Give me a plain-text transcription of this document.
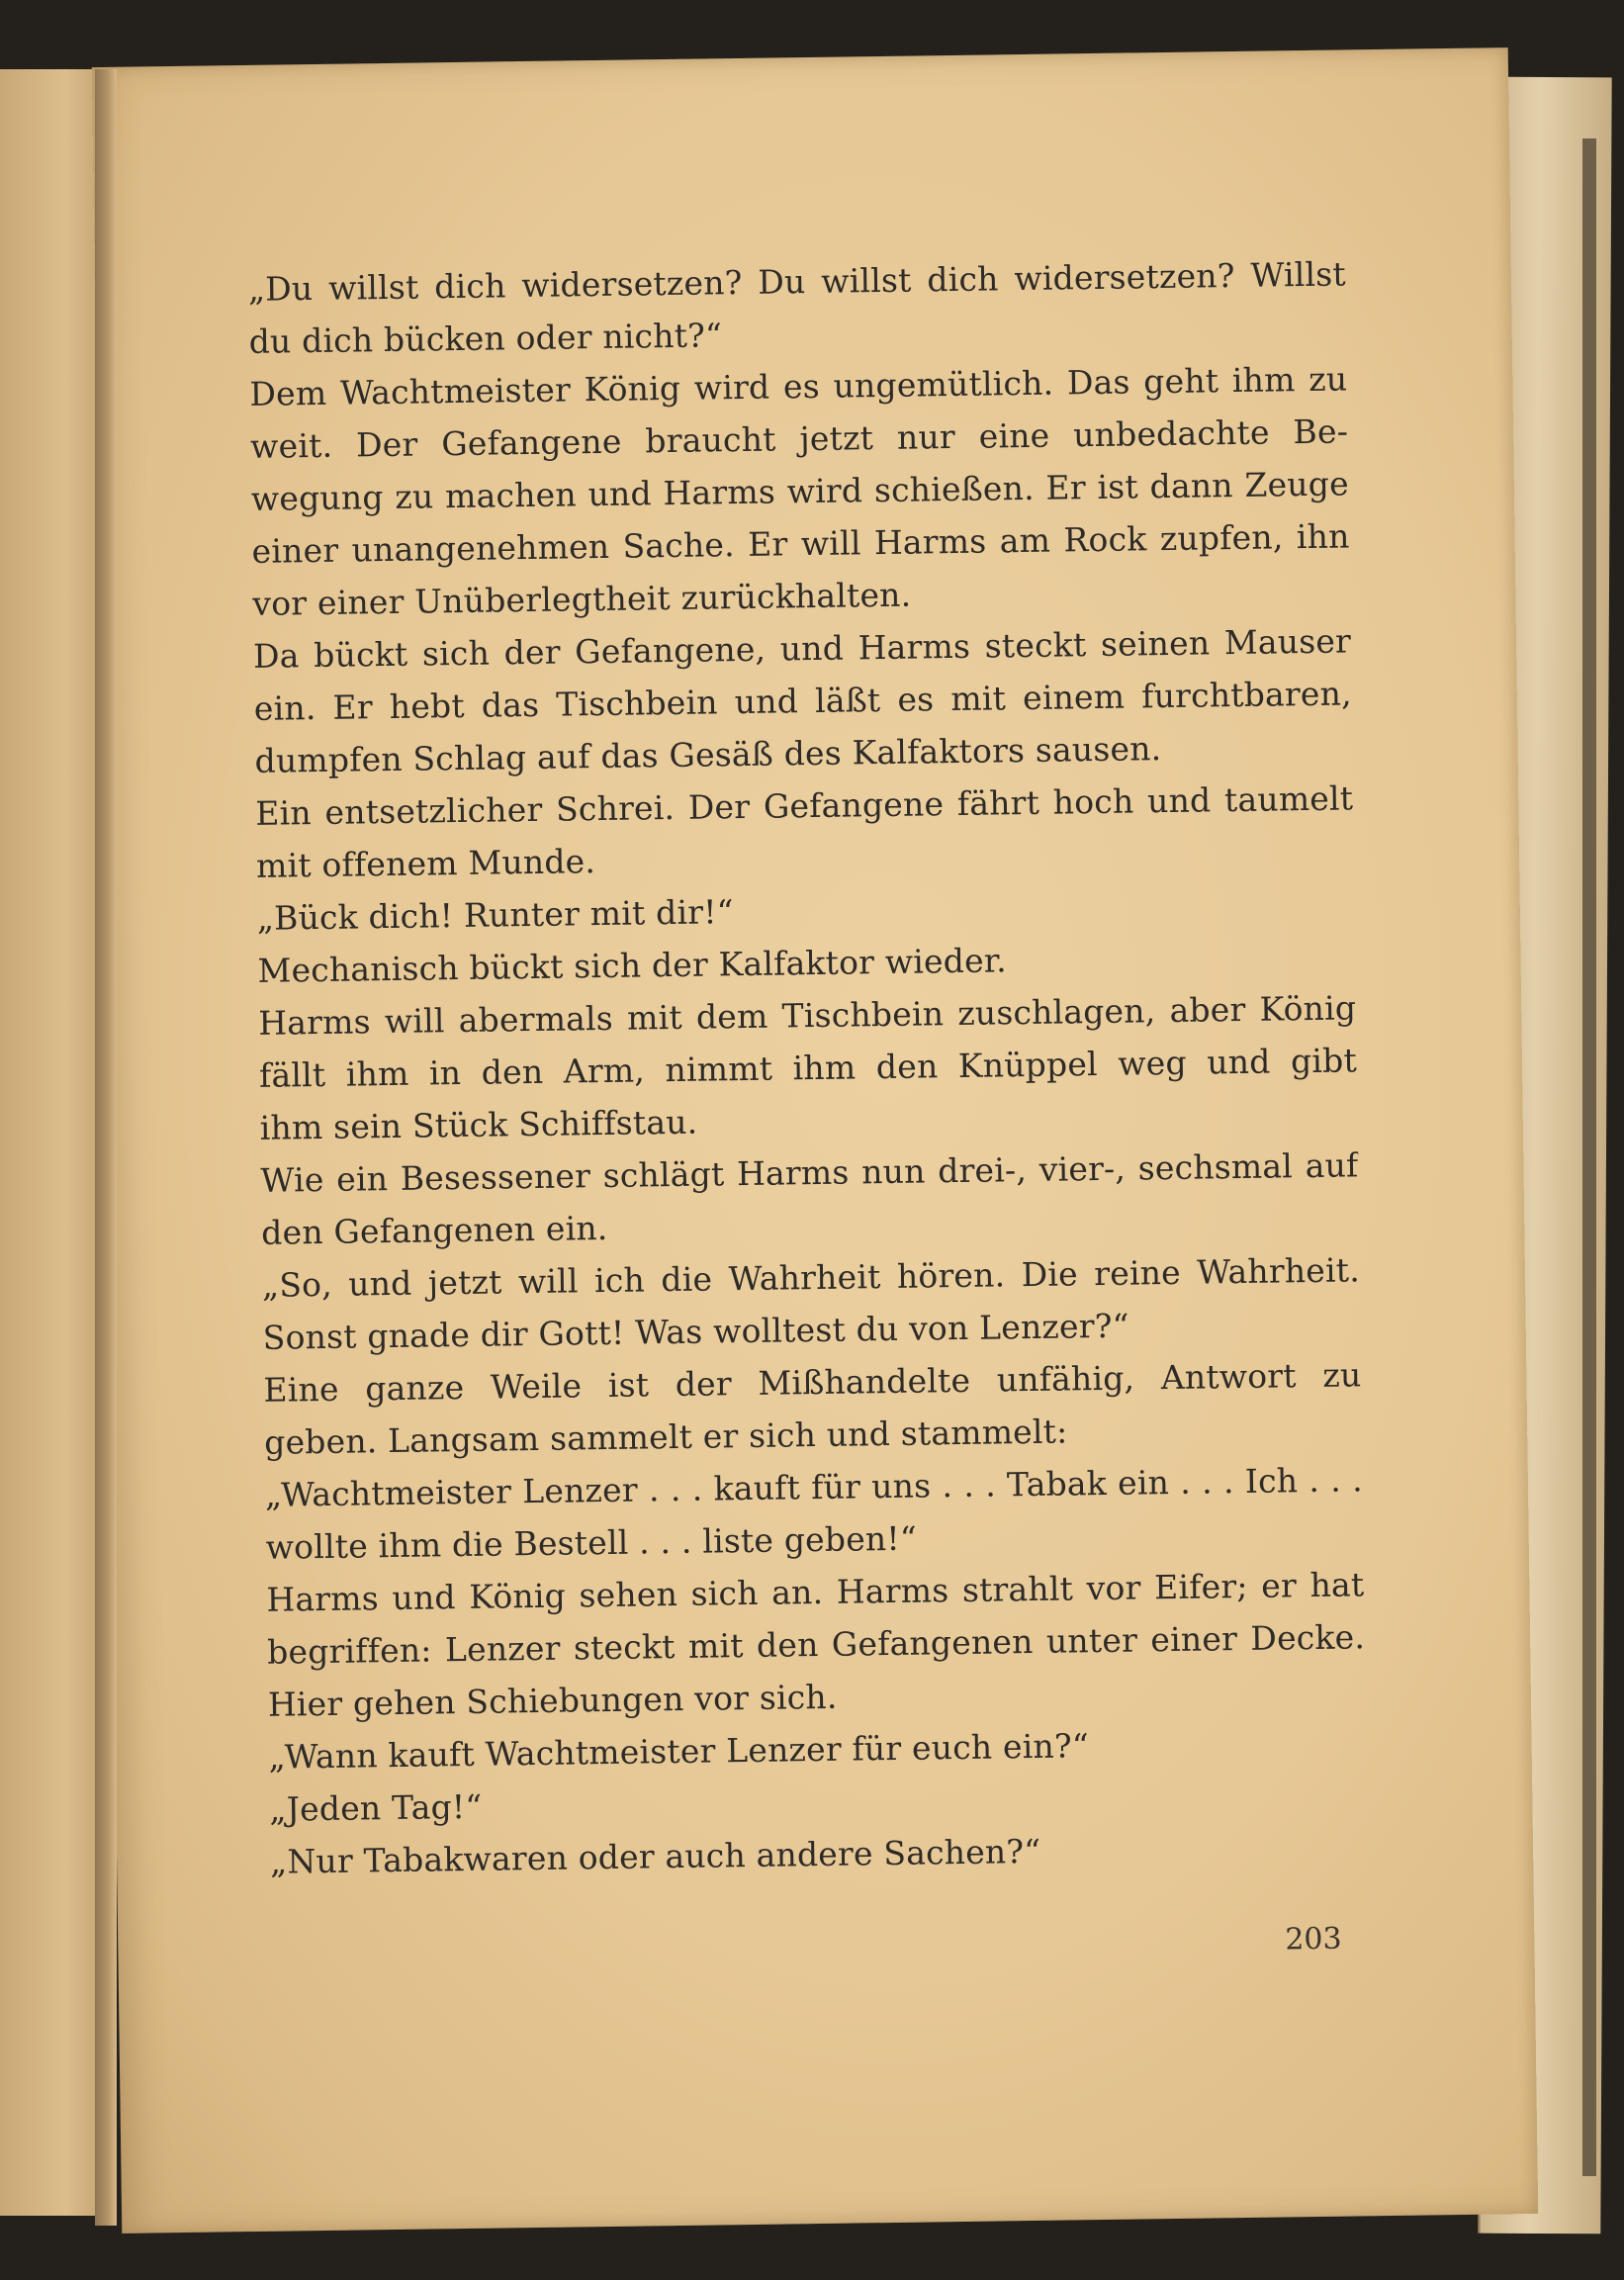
„Du willst dich widersetzen? Du willst dich widersetzen? Willst
du dich bücken oder nicht?“
Dem Wachtmeister König wird es ungemütlich. Das geht ihm zu
weit. Der Gefangene braucht jetzt nur eine unbedachte Be-
wegung zu machen und Harms wird schießen. Er ist dann Zeuge
einer unangenehmen Sache. Er will Harms am Rock zupfen, ihn
vor einer Unüberlegtheit zurückhalten.
Da bückt sich der Gefangene, und Harms steckt seinen Mauser
ein. Er hebt das Tischbein und läßt es mit einem furchtbaren,
dumpfen Schlag auf das Gesäß des Kalfaktors sausen.
Ein entsetzlicher Schrei. Der Gefangene fährt hoch und taumelt
mit offenem Munde.
„Bück dich! Runter mit dir!“
Mechanisch bückt sich der Kalfaktor wieder.
Harms will abermals mit dem Tischbein zuschlagen, aber König
fällt ihm in den Arm, nimmt ihm den Knüppel weg und gibt
ihm sein Stück Schiffstau.
Wie ein Besessener schlägt Harms nun drei-, vier-, sechsmal auf
den Gefangenen ein.
„So, und jetzt will ich die Wahrheit hören. Die reine Wahrheit.
Sonst gnade dir Gott! Was wolltest du von Lenzer?“
Eine ganze Weile ist der Mißhandelte unfähig, Antwort zu
geben. Langsam sammelt er sich und stammelt:
„Wachtmeister Lenzer . . . kauft für uns . . . Tabak ein . . . Ich . . .
wollte ihm die Bestell . . . liste geben!“
Harms und König sehen sich an. Harms strahlt vor Eifer; er hat
begriffen: Lenzer steckt mit den Gefangenen unter einer Decke.
Hier gehen Schiebungen vor sich.
„Wann kauft Wachtmeister Lenzer für euch ein?“
„Jeden Tag!“
„Nur Tabakwaren oder auch andere Sachen?“
203
